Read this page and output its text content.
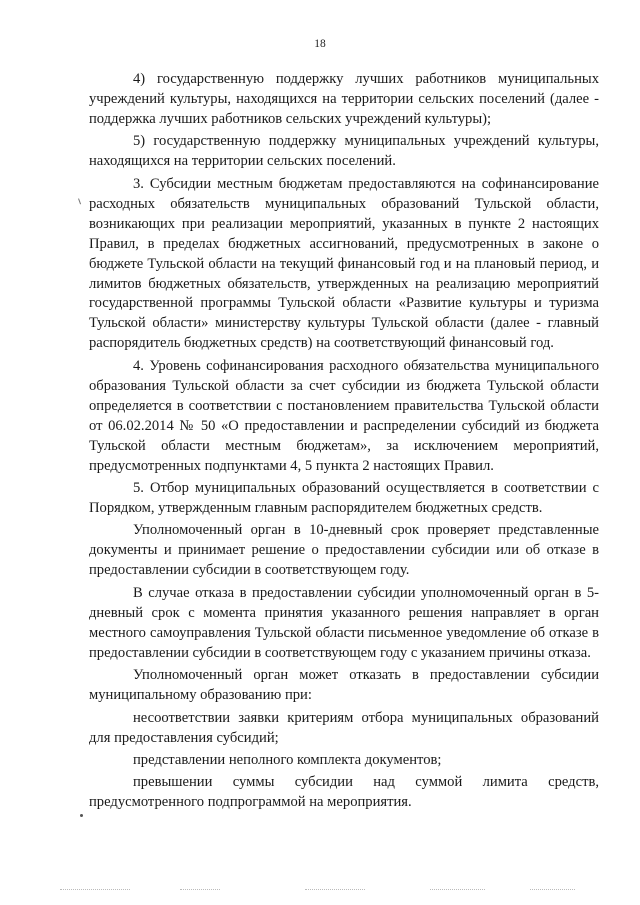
18

4) государственную поддержку лучших работников муниципальных учреждений культуры, находящихся на территории сельских поселений (далее - поддержка лучших работников сельских учреждений культуры);

5) государственную поддержку муниципальных учреждений культуры, находящихся на территории сельских поселений.

3. Субсидии местным бюджетам предоставляются на софинансирование расходных обязательств муниципальных образований Тульской области, возникающих при реализации мероприятий, указанных в пункте 2 настоящих Правил, в пределах бюджетных ассигнований, предусмотренных в законе о бюджете Тульской области на текущий финансовый год и на плановый период, и лимитов бюджетных обязательств, утвержденных на реализацию мероприятий государственной программы Тульской области «Развитие культуры и туризма Тульской области» министерству культуры Тульской области (далее - главный распорядитель бюджетных средств) на соответствующий финансовый год.

4. Уровень софинансирования расходного обязательства муниципального образования Тульской области за счет субсидии из бюджета Тульской области определяется в соответствии с постановлением правительства Тульской области от 06.02.2014 № 50 «О предоставлении и распределении субсидий из бюджета Тульской области местным бюджетам», за исключением мероприятий, предусмотренных подпунктами 4, 5 пункта 2 настоящих Правил.

5. Отбор муниципальных образований осуществляется в соответствии с Порядком, утвержденным главным распорядителем бюджетных средств.

Уполномоченный орган в 10-дневный срок проверяет представленные документы и принимает решение о предоставлении субсидии или об отказе в предоставлении субсидии в соответствующем году.

В случае отказа в предоставлении субсидии уполномоченный орган в 5-дневный срок с момента принятия указанного решения направляет в орган местного самоуправления Тульской области письменное уведомление об отказе в предоставлении субсидии в соответствующем году с указанием причины отказа.

Уполномоченный орган может отказать в предоставлении субсидии муниципальному образованию при:

несоответствии заявки критериям отбора муниципальных образований для предоставления субсидий;

представлении неполного комплекта документов;

превышении суммы субсидии над суммой лимита средств, предусмотренного подпрограммой на мероприятия.
